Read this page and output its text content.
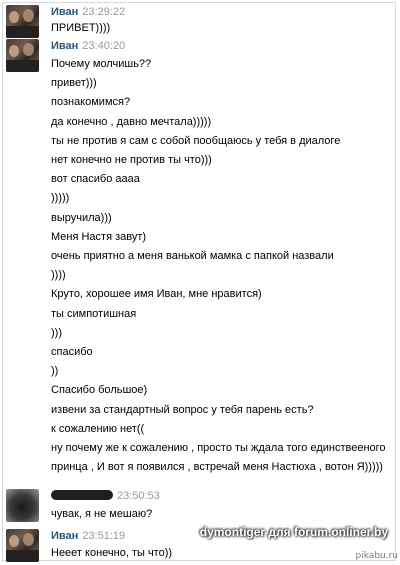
Иван 23:29:22
ПРИВЕТ))))
Иван 23:40:20
Почему молчишь??
привет)))
познакомимся?
да конечно , давно мечтала)))))
ты не против я сам с собой пообщаюсь у тебя в диалоге
нет конечно не против ты что)))
вот спасибо аааа
)))))
выручила)))
Меня Настя завут)
очень приятно а меня ванькой мамка с папкой назвали
))))
Круто, хорошее имя Иван, мне нравится)
ты симпотишная
)))
спасибо
))
Спасибо большое)
извени за стандартный вопрос у тебя парень есть?
к сожалению нет((
ну почему же к сожалению , просто ты ждала того единствееного
принца , И вот я появился , встречай меня Настюха , вотон Я)))))
23:50:53
чувак, я не мешаю?
Иван 23:51:19
Нееет конечно, ты что))
dymontiger для forum.onliner.by
pikabu.ru
